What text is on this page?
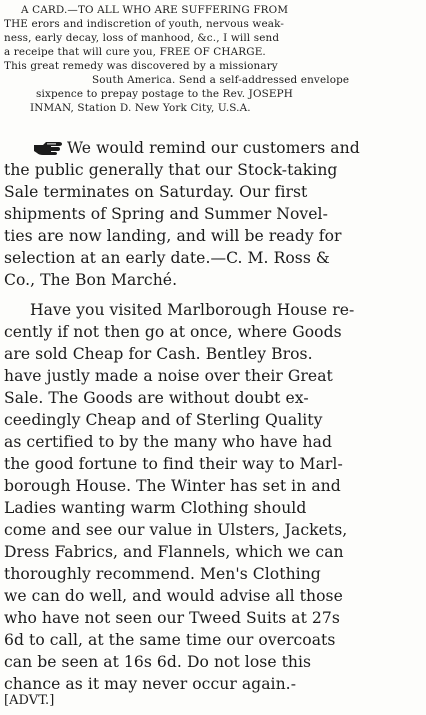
A CARD.—TO ALL WHO ARE SUFFERING FROM
THE erors and indiscretion of youth, nervous weak-
ness, early decay, loss of manhood, &c., I will send
a receipe that will cure you, FREE OF CHARGE.
This great remedy was discovered by a missionary
South America. Send a self-addressed envelope
sixpence to prepay postage to the Rev. JOSEPH
INMAN, Station D. New York City, U.S.A.
We would remind our customers and
the public generally that our Stock-taking
Sale terminates on Saturday. Our first
shipments of Spring and Summer Novel-
ties are now landing, and will be ready for
selection at an early date.—C. M. Ross &
Co., The Bon Marché.
Have you visited Marlborough House re-
cently if not then go at once, where Goods
are sold Cheap for Cash. Bentley Bros.
have justly made a noise over their Great
Sale. The Goods are without doubt ex-
ceedingly Cheap and of Sterling Quality
as certified to by the many who have had
the good fortune to find their way to Marl-
borough House. The Winter has set in and
Ladies wanting warm Clothing should
come and see our value in Ulsters, Jackets,
Dress Fabrics, and Flannels, which we can
thoroughly recommend. Men's Clothing
we can do well, and would advise all those
who have not seen our Tweed Suits at 27s
6d to call, at the same time our overcoats
can be seen at 16s 6d. Do not lose this
chance as it may never occur again.-
[ADVT.]
